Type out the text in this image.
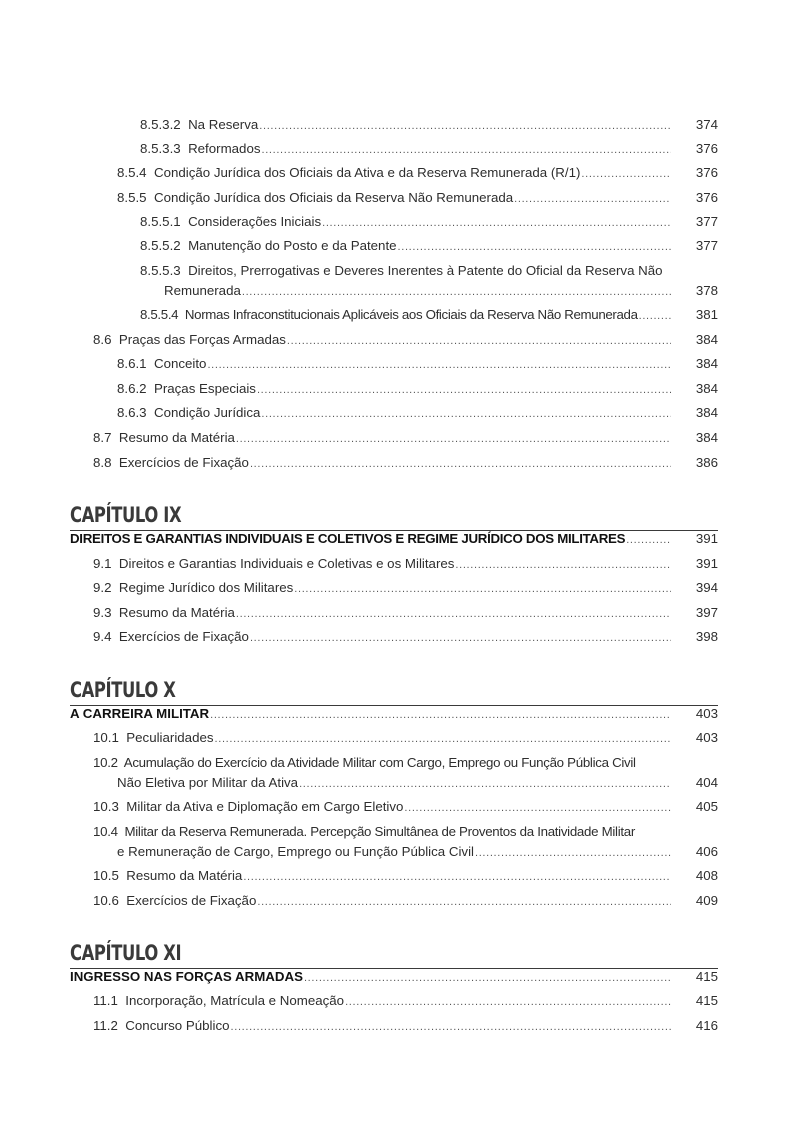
8.5.3.2 Na Reserva . . .	374
8.5.3.3 Reformados . . .	376
8.5.4 Condição Jurídica dos Oficiais da Ativa e da Reserva Remunerada (R/1) . . .	376
8.5.5 Condição Jurídica dos Oficiais da Reserva Não Remunerada . . .	376
8.5.5.1 Considerações Iniciais . . .	377
8.5.5.2 Manutenção do Posto e da Patente . . .	377
8.5.5.3 Direitos, Prerrogativas e Deveres Inerentes à Patente do Oficial da Reserva Não
Remunerada . . .	378
8.5.5.4 Normas Infraconstitucionais Aplicáveis aos Oficiais da Reserva Não Remunerada . . .	381
8.6 Praças das Forças Armadas . . .	384
8.6.1 Conceito . . .	384
8.6.2 Praças Especiais . . .	384
8.6.3 Condição Jurídica . . .	384
8.7 Resumo da Matéria . . .	384
8.8 Exercícios de Fixação . . .	386
CAPÍTULO IX
DIREITOS E GARANTIAS INDIVIDUAIS E COLETIVOS E REGIME JURÍDICO DOS MILITARES . . .	391
9.1 Direitos e Garantias Individuais e Coletivas e os Militares . . .	391
9.2 Regime Jurídico dos Militares . . .	394
9.3 Resumo da Matéria . . .	397
9.4 Exercícios de Fixação . . .	398
CAPÍTULO X
A CARREIRA MILITAR . . .	403
10.1 Peculiaridades . . .	403
10.2 Acumulação do Exercício da Atividade Militar com Cargo, Emprego ou Função Pública Civil
Não Eletiva por Militar da Ativa . . .	404
10.3 Militar da Ativa e Diplomação em Cargo Eletivo . . .	405
10.4 Militar da Reserva Remunerada. Percepção Simultânea de Proventos da Inatividade Militar
e Remuneração de Cargo, Emprego ou Função Pública Civil . . .	406
10.5 Resumo da Matéria . . .	408
10.6 Exercícios de Fixação . . .	409
CAPÍTULO XI
INGRESSO NAS FORÇAS ARMADAS . . .	415
11.1 Incorporação, Matrícula e Nomeação . . .	415
11.2 Concurso Público . . .	416
